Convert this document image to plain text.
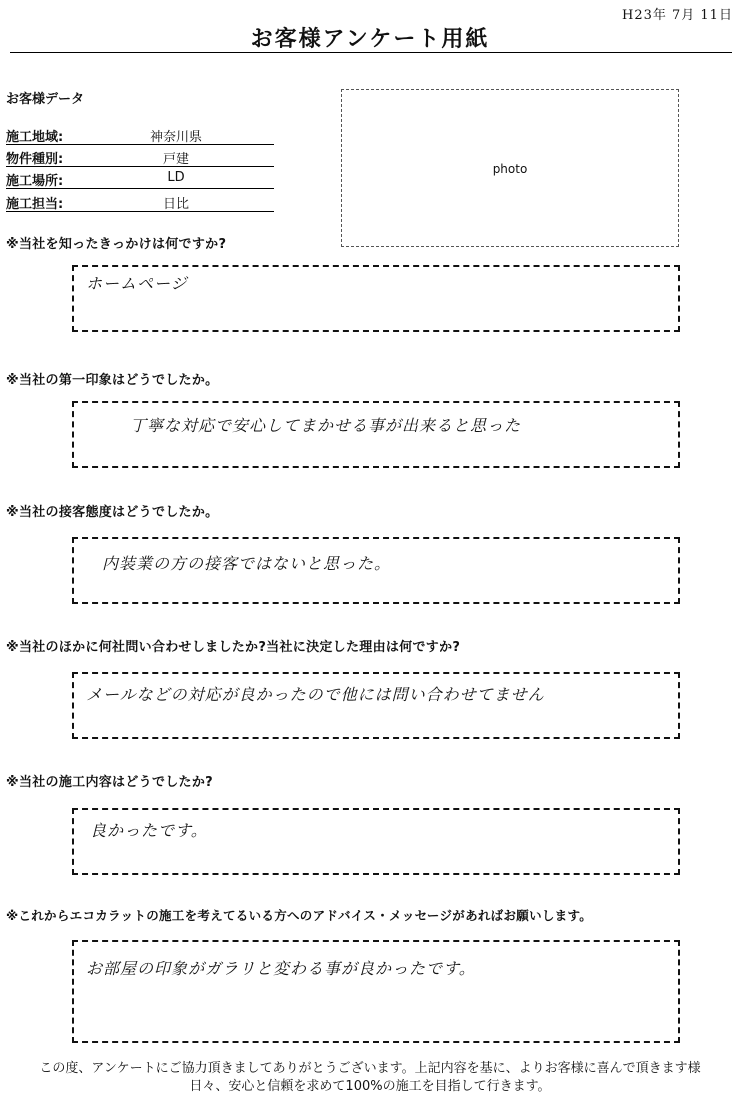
H23年 7月 11日
お客様アンケート用紙
お客様データ
施工地域:	神奈川県
物件種別:	戸建
施工場所:	LD
施工担当:	日比
photo
※当社を知ったきっかけは何ですか?
ホームページ
※当社の第一印象はどうでしたか。
丁寧な対応で安心してまかせる事が出来ると思った
※当社の接客態度はどうでしたか。
内装業の方の接客ではないと思った。
※当社のほかに何社問い合わせしましたか?当社に決定した理由は何ですか?
メールなどの対応が良かったので他には問い合わせてません
※当社の施工内容はどうでしたか?
良かったです。
※これからエコカラットの施工を考えてるいる方へのアドバイス・メッセージがあればお願いします。
お部屋の印象がガラリと変わる事が良かったです。
この度、アンケートにご協力頂きましてありがとうございます。上記内容を基に、よりお客様に喜んで頂きます様
日々、安心と信頼を求めて100%の施工を目指して行きます。
